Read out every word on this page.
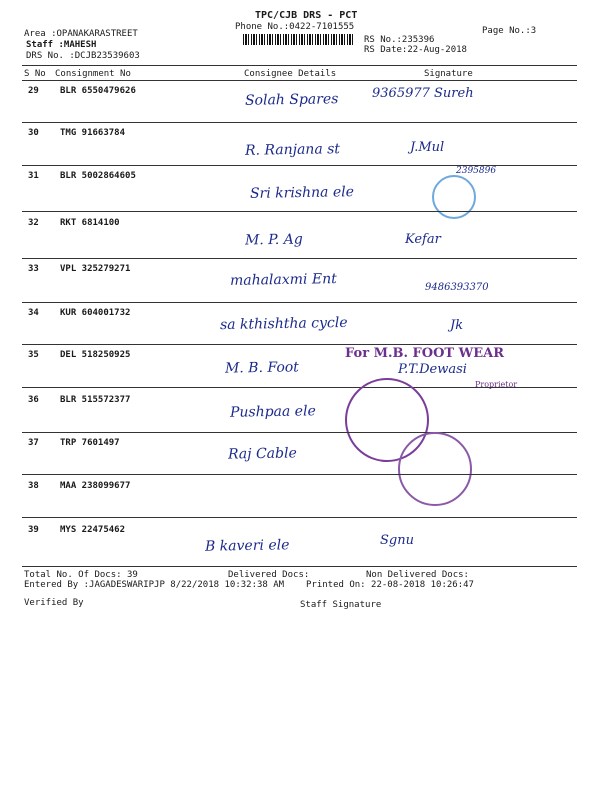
TPC/CJB DRS - PCT
Phone No.:0422-7101555	Page No.:3
Area :OPANAKARASTREET
Staff :MAHESH
DRS No. :DCJB23539603
RS No.:235396
RS Date:22-Aug-2018
S No Consignment No	Consignee Details	Signature
29 BLR 6550479626
Solah Spares	9365977 Sureh
30 TMG 91663784
R. Ranjana st	J.Mul
31 BLR 5002864605
Sri krishna ele
2395896
32 RKT 6814100
M. P. Ag	Kefar
33 VPL 325279271
mahalaxmi Ent	9486393370
34 KUR 604001732
sa kthishtha cycle	Jk
35 DEL 518250925
M. B. Foot
For M.B. FOOT WEAR
P.T.Dewasi
Proprietor
36 BLR 515572377
Pushpaa ele
37 TRP 7601497
Raj Cable
38 MAA 238099677
39 MYS 22475462
B kaveri ele	Sgnu
Total No. Of Docs: 39	Delivered Docs:	Non Delivered Docs:
Entered By :JAGADESWARIPJP 8/22/2018 10:32:38 AM Printed On: 22-08-2018 10:26:47
Verified By	Staff Signature
